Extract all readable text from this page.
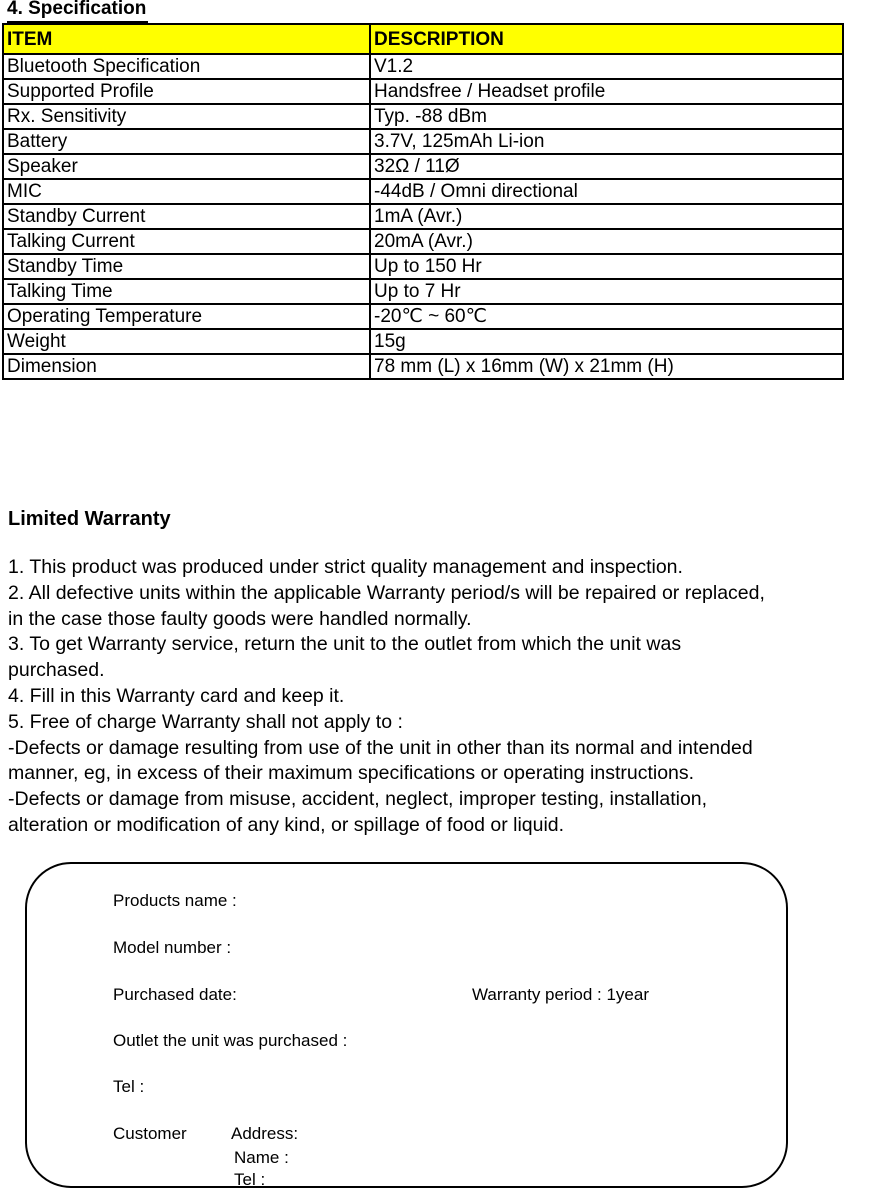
4. Specification
ITEM	DESCRIPTION
Bluetooth Specification	V1.2
Supported Profile	Handsfree / Headset profile
Rx. Sensitivity	Typ. -88 dBm
Battery	3.7V, 125mAh Li-ion
Speaker	32Ω / 11Ø
MIC	-44dB / Omni directional
Standby Current	1mA (Avr.)
Talking Current	20mA (Avr.)
Standby Time	Up to 150 Hr
Talking Time	Up to 7 Hr
Operating Temperature	-20℃ ~ 60℃
Weight	15g
Dimension	78 mm (L) x 16mm (W) x 21mm (H)
Limited Warranty

1. This product was produced under strict quality management and inspection.

2. All defective units within the applicable Warranty period/s will be repaired or replaced,

in the case those faulty goods were handled normally.

3. To get Warranty service, return the unit to the outlet from which the unit was

purchased.

4. Fill in this Warranty card and keep it.

5. Free of charge Warranty shall not apply to :

-Defects or damage resulting from use of the unit in other than its normal and intended

manner, eg, in excess of their maximum specifications or operating instructions.

-Defects or damage from misuse, accident, neglect, improper testing, installation,

alteration or modification of any kind, or spillage of food or liquid.

Products name :
Model number :
Purchased date:	Warranty period : 1year
Outlet the unit was purchased :
Tel :
Customer	Address:
Name :
Tel :
